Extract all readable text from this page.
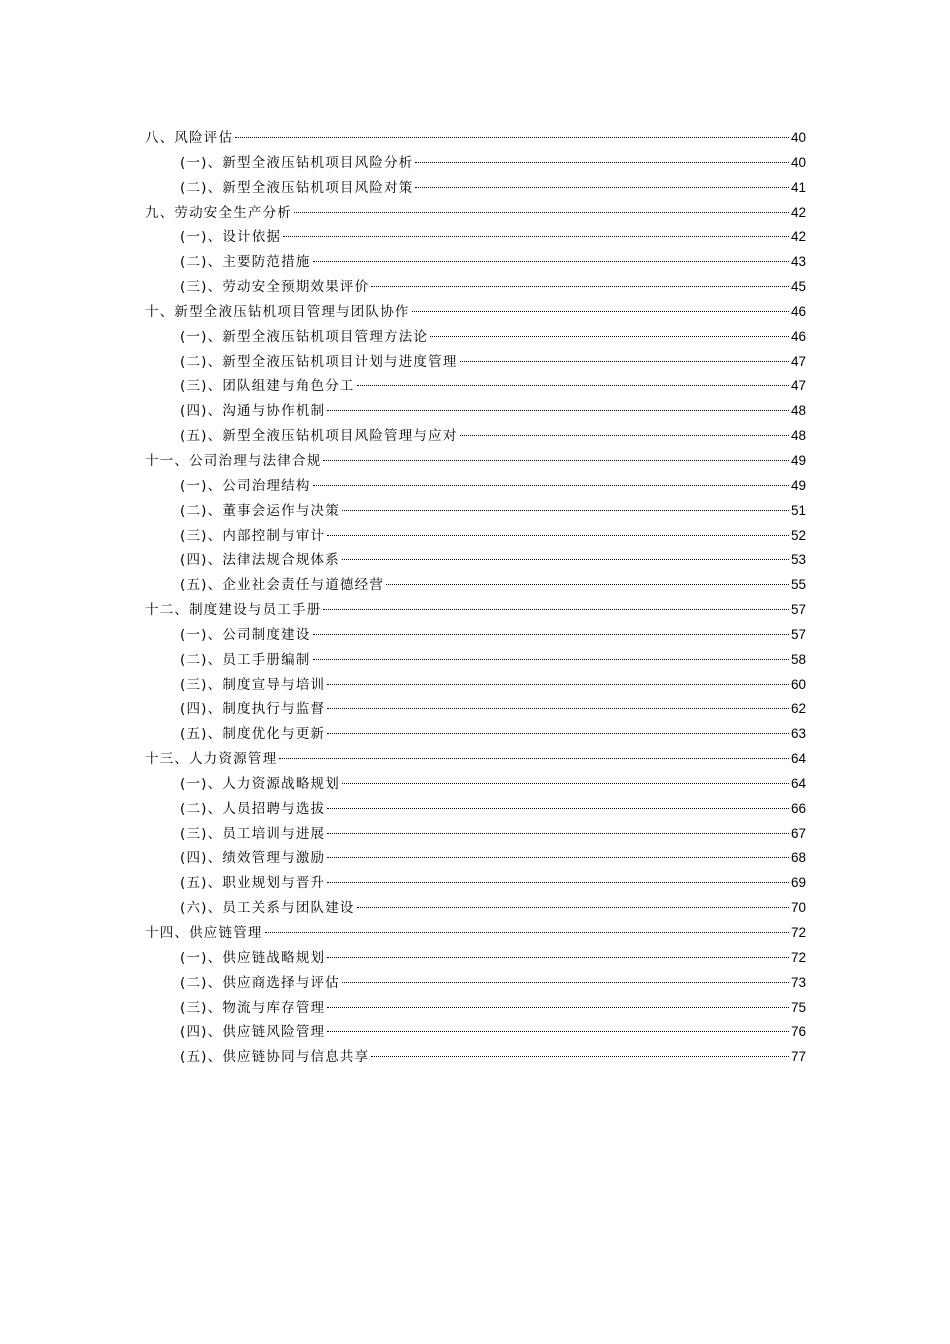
八、风险评估	40
(一)、新型全液压钻机项目风险分析	40
(二)、新型全液压钻机项目风险对策	41
九、劳动安全生产分析	42
(一)、设计依据	42
(二)、主要防范措施	43
(三)、劳动安全预期效果评价	45
十、新型全液压钻机项目管理与团队协作	46
(一)、新型全液压钻机项目管理方法论	46
(二)、新型全液压钻机项目计划与进度管理	47
(三)、团队组建与角色分工	47
(四)、沟通与协作机制	48
(五)、新型全液压钻机项目风险管理与应对	48
十一、公司治理与法律合规	49
(一)、公司治理结构	49
(二)、董事会运作与决策	51
(三)、内部控制与审计	52
(四)、法律法规合规体系	53
(五)、企业社会责任与道德经营	55
十二、制度建设与员工手册	57
(一)、公司制度建设	57
(二)、员工手册编制	58
(三)、制度宣导与培训	60
(四)、制度执行与监督	62
(五)、制度优化与更新	63
十三、人力资源管理	64
(一)、人力资源战略规划	64
(二)、人员招聘与选拔	66
(三)、员工培训与进展	67
(四)、绩效管理与激励	68
(五)、职业规划与晋升	69
(六)、员工关系与团队建设	70
十四、供应链管理	72
(一)、供应链战略规划	72
(二)、供应商选择与评估	73
(三)、物流与库存管理	75
(四)、供应链风险管理	76
(五)、供应链协同与信息共享	77
